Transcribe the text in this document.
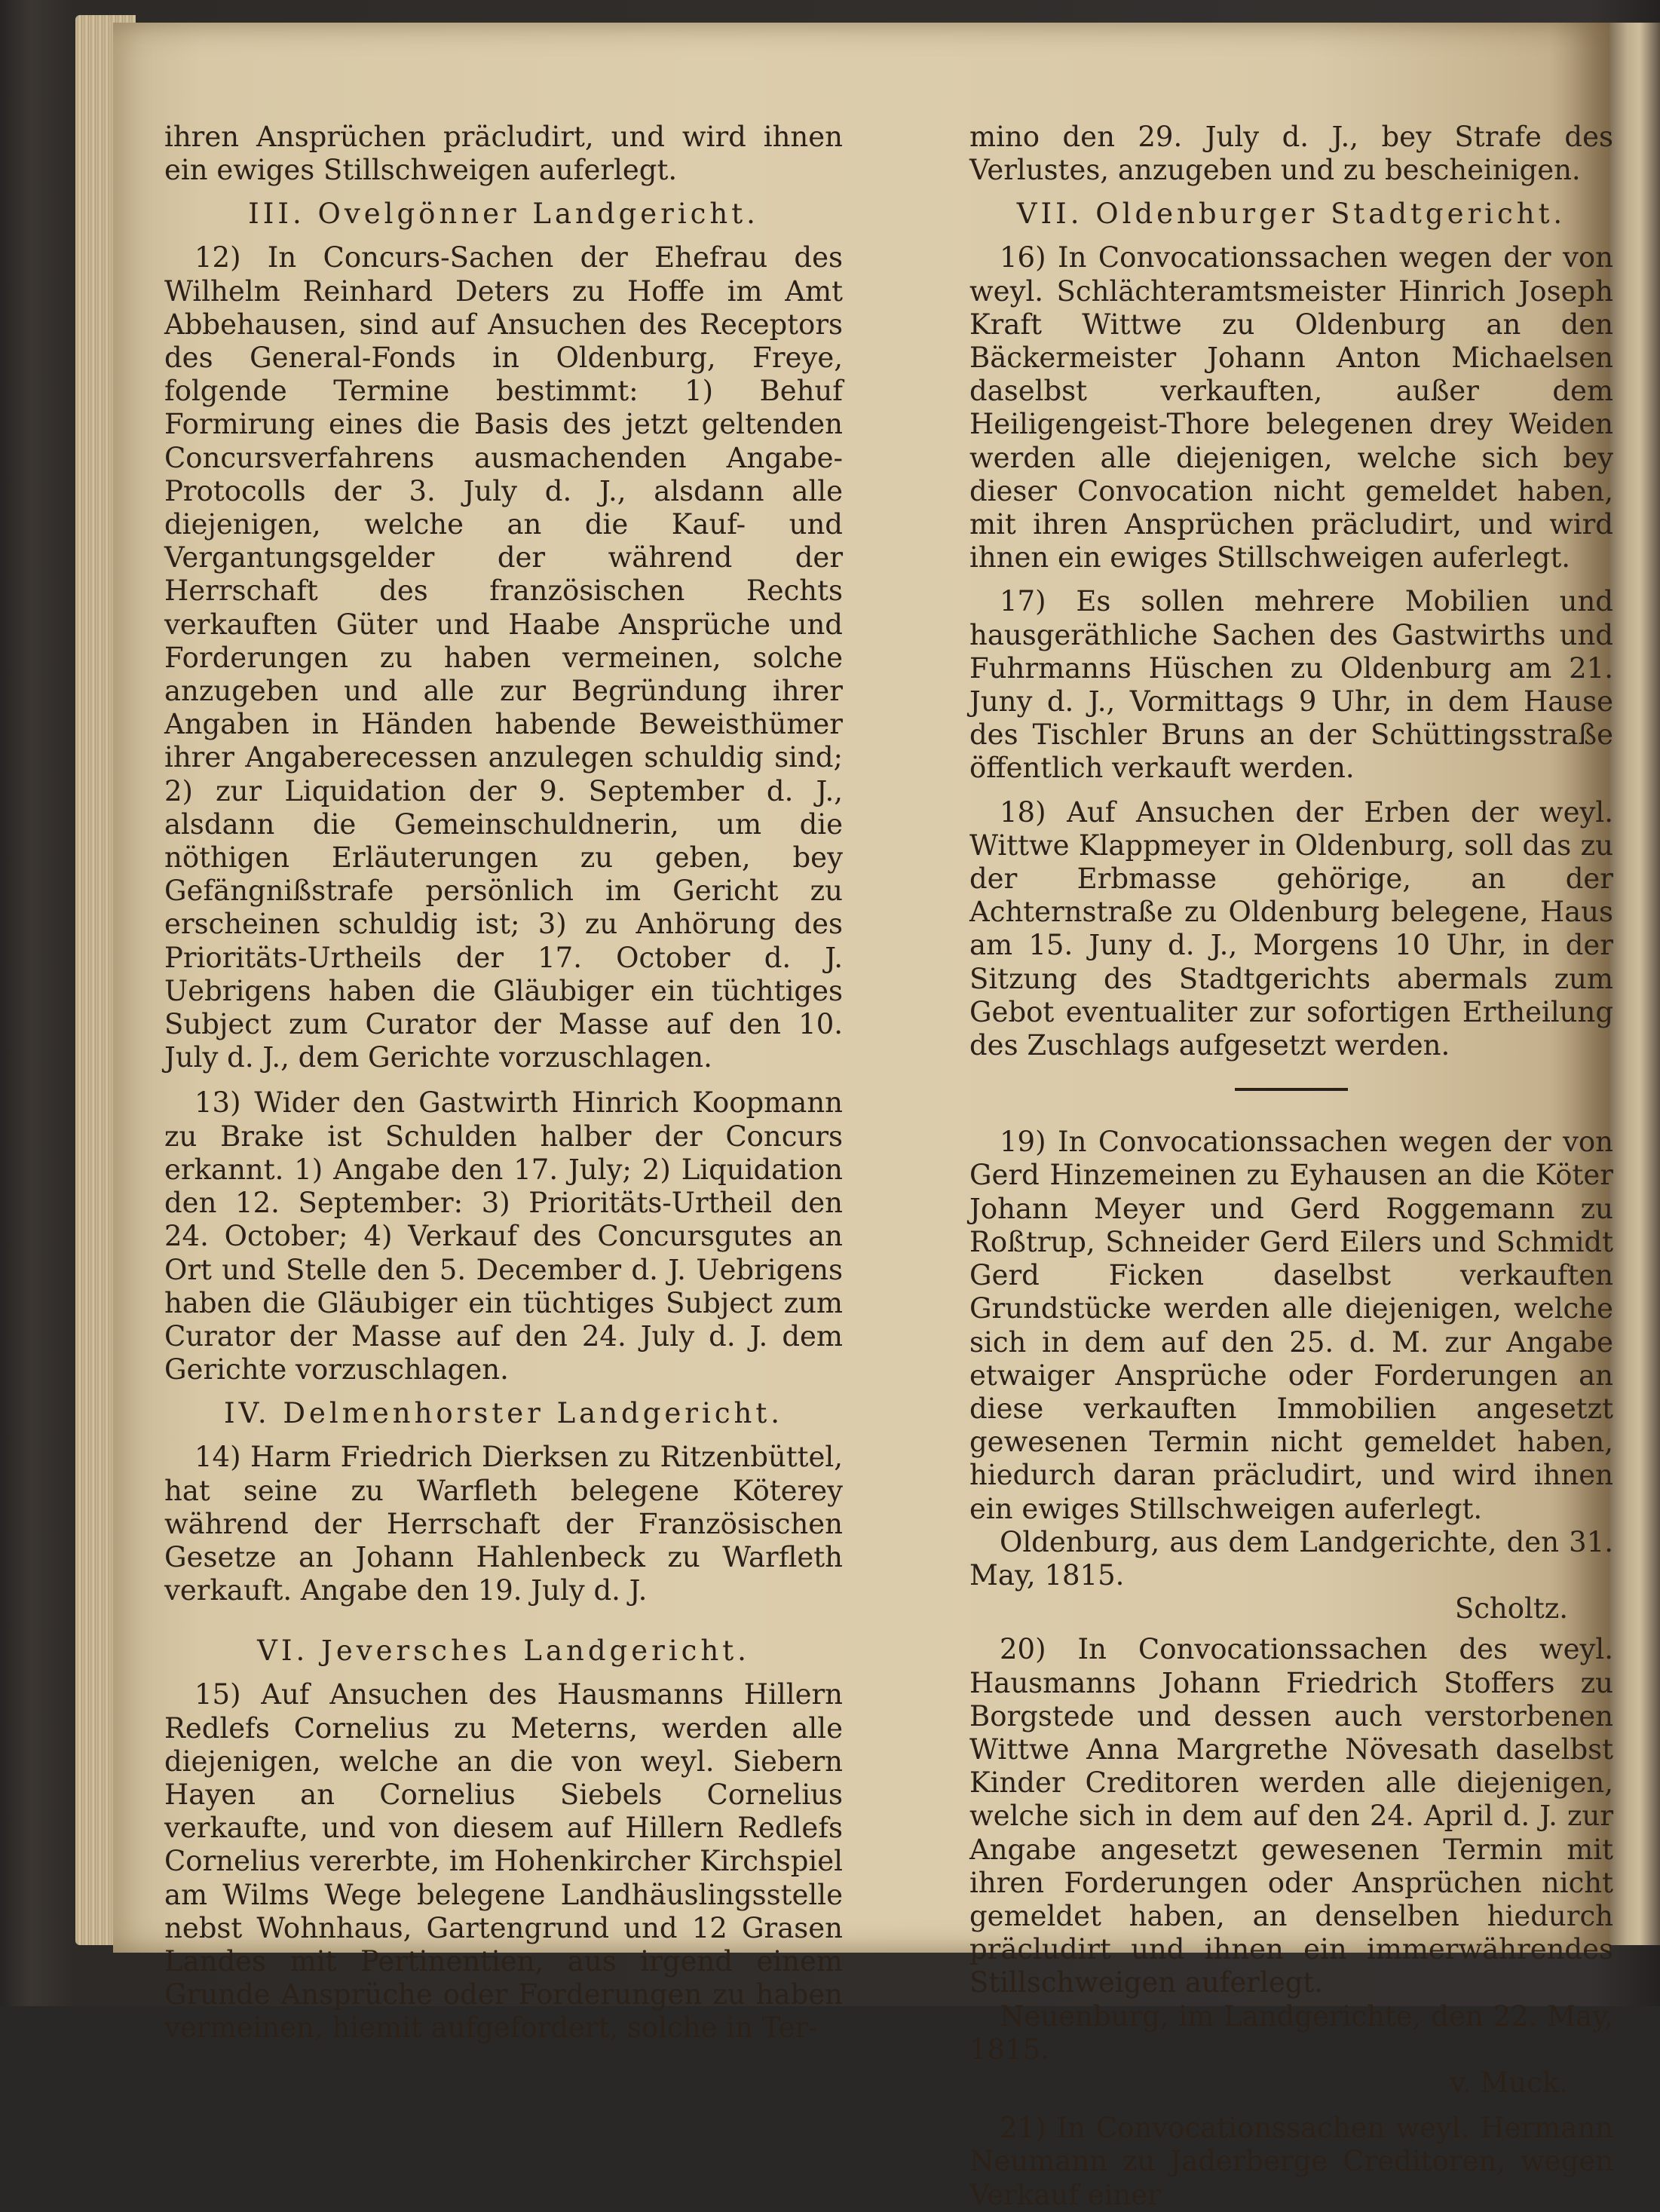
ihren Ansprüchen präcludirt, und wird ihnen ein ewiges Stillschweigen auferlegt.

III. Ovelgönner Landgericht.

12) In Concurs-Sachen der Ehefrau des Wilhelm Reinhard Deters zu Hoffe im Amt Abbehausen, sind auf Ansuchen des Receptors des General-Fonds in Oldenburg, Freye, folgende Termine bestimmt: 1) Behuf Formirung eines die Basis des jetzt geltenden Concursverfahrens ausmachenden Angabe-Protocolls der 3. July d. J., alsdann alle diejenigen, welche an die Kauf- und Vergantungsgelder der während der Herrschaft des französischen Rechts verkauften Güter und Haabe Ansprüche und Forderungen zu haben vermeinen, solche anzugeben und alle zur Begründung ihrer Angaben in Händen habende Beweisthümer ihrer Angaberecessen anzulegen schuldig sind; 2) zur Liquidation der 9. September d. J., alsdann die Gemeinschuldnerin, um die nöthigen Erläuterungen zu geben, bey Gefängnißstrafe persönlich im Gericht zu erscheinen schuldig ist; 3) zu Anhörung des Prioritäts-Urtheils der 17. October d. J. Uebrigens haben die Gläubiger ein tüchtiges Subject zum Curator der Masse auf den 10. July d. J., dem Gerichte vorzuschlagen.

13) Wider den Gastwirth Hinrich Koopmann zu Brake ist Schulden halber der Concurs erkannt. 1) Angabe den 17. July; 2) Liquidation den 12. September: 3) Prioritäts-Urtheil den 24. October; 4) Verkauf des Concursgutes an Ort und Stelle den 5. December d. J. Uebrigens haben die Gläubiger ein tüchtiges Subject zum Curator der Masse auf den 24. July d. J. dem Gerichte vorzuschlagen.

IV. Delmenhorster Landgericht.

14) Harm Friedrich Dierksen zu Ritzenbüttel, hat seine zu Warfleth belegene Köterey während der Herrschaft der Französischen Gesetze an Johann Hahlenbeck zu Warfleth verkauft. Angabe den 19. July d. J.

VI. Jeversches Landgericht.

15) Auf Ansuchen des Hausmanns Hillern Redlefs Cornelius zu Meterns, werden alle diejenigen, welche an die von weyl. Siebern Hayen an Cornelius Siebels Cornelius verkaufte, und von diesem auf Hillern Redlefs Cornelius vererbte, im Hohenkircher Kirchspiel am Wilms Wege belegene Landhäuslingsstelle nebst Wohnhaus, Gartengrund und 12 Grasen Landes mit Pertinentien, aus irgend einem Grunde Ansprüche oder Forderungen zu haben vermeinen, hiemit aufgefordert, solche in Ter-

mino den 29. July d. J., bey Strafe des Verlustes, anzugeben und zu bescheinigen.

VII. Oldenburger Stadtgericht.

16) In Convocationssachen wegen der von weyl. Schlächteramtsmeister Hinrich Joseph Kraft Wittwe zu Oldenburg an den Bäckermeister Johann Anton Michaelsen daselbst verkauften, außer dem Heiligengeist-Thore belegenen drey Weiden werden alle diejenigen, welche sich bey dieser Convocation nicht gemeldet haben, mit ihren Ansprüchen präcludirt, und wird ihnen ein ewiges Stillschweigen auferlegt.

17) Es sollen mehrere Mobilien und hausgeräthliche Sachen des Gastwirths und Fuhrmanns Hüschen zu Oldenburg am 21. Juny d. J., Vormittags 9 Uhr, in dem Hause des Tischler Bruns an der Schüttingsstraße öffentlich verkauft werden.

18) Auf Ansuchen der Erben der weyl. Wittwe Klappmeyer in Oldenburg, soll das zu der Erbmasse gehörige, an der Achternstraße zu Oldenburg belegene, Haus am 15. Juny d. J., Morgens 10 Uhr, in der Sitzung des Stadtgerichts abermals zum Gebot eventualiter zur sofortigen Ertheilung des Zuschlags aufgesetzt werden.

19) In Convocationssachen wegen der von Gerd Hinzemeinen zu Eyhausen an die Köter Johann Meyer und Gerd Roggemann zu Roßtrup, Schneider Gerd Eilers und Schmidt Gerd Ficken daselbst verkauften Grundstücke werden alle diejenigen, welche sich in dem auf den 25. d. M. zur Angabe etwaiger Ansprüche oder Forderungen an diese verkauften Immobilien angesetzt gewesenen Termin nicht gemeldet haben, hiedurch daran präcludirt, und wird ihnen ein ewiges Stillschweigen auferlegt.

Oldenburg, aus dem Landgerichte, den 31. May, 1815.

Scholtz.

20) In Convocationssachen des weyl. Hausmanns Johann Friedrich Stoffers zu Borgstede und dessen auch verstorbenen Wittwe Anna Margrethe Növesath daselbst Kinder Creditoren werden alle diejenigen, welche sich in dem auf den 24. April d. J. zur Angabe angesetzt gewesenen Termin mit ihren Forderungen oder Ansprüchen nicht gemeldet haben, an denselben hiedurch präcludirt und ihnen ein immerwährendes Stillschweigen auferlegt.

Neuenburg, im Landgerichte, den 22. May, 1815.

v. Muck.

21) In Convocationssachen weyl. Hermann Neumann zu Jaderberge Creditoren, wegen Verkauf einer
